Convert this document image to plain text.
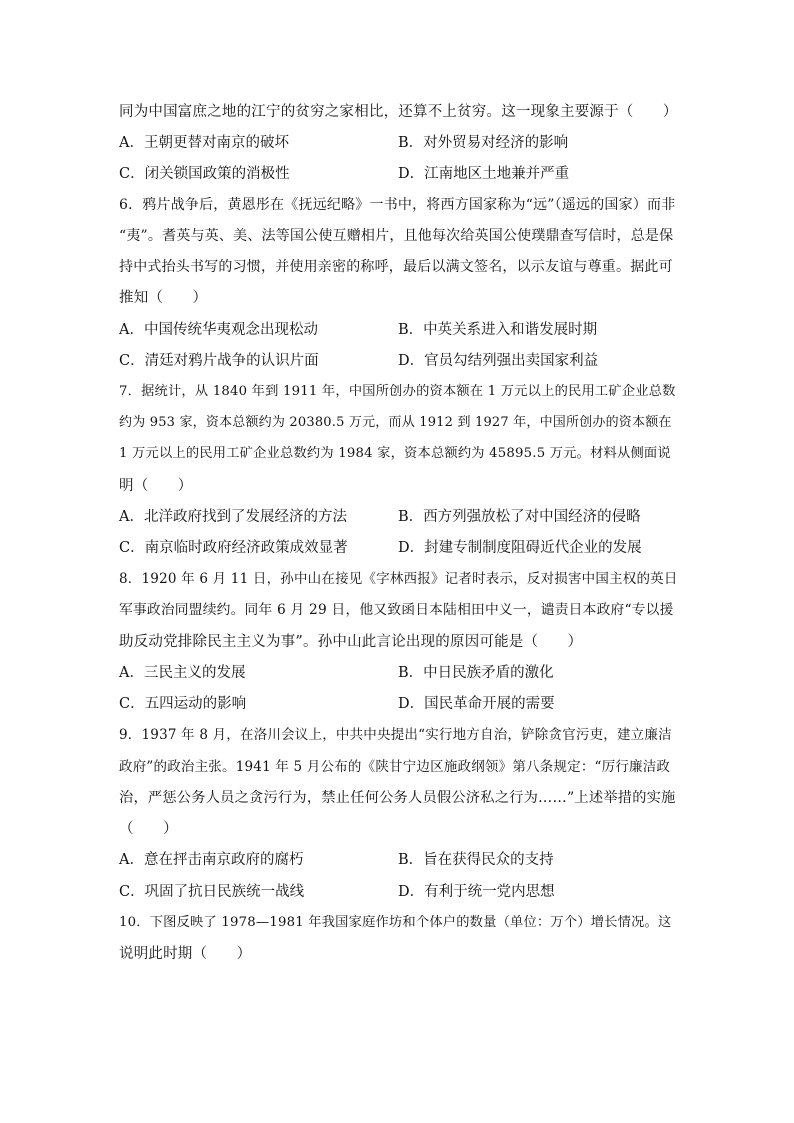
同为中国富庶之地的江宁的贫穷之家相比，还算不上贫穷。这一现象主要源于（　　）
A．王朝更替对南京的破坏	B．对外贸易对经济的影响
C．闭关锁国政策的消极性	D．江南地区土地兼并严重
6．鸦片战争后，黄恩彤在《抚远纪略》一书中，将西方国家称为“远”（遥远的国家）而非
“夷”。耆英与英、美、法等国公使互赠相片，且他每次给英国公使璞鼎查写信时，总是保
持中式抬头书写的习惯，并使用亲密的称呼，最后以满文签名，以示友谊与尊重。据此可
推知（　　）
A．中国传统华夷观念出现松动	B．中英关系进入和谐发展时期
C．清廷对鸦片战争的认识片面	D．官员勾结列强出卖国家利益
7．据统计，从 1840 年到 1911 年，中国所创办的资本额在 1 万元以上的民用工矿企业总数
约为 953 家，资本总额约为 20380.5 万元，而从 1912 到 1927 年，中国所创办的资本额在
1 万元以上的民用工矿企业总数约为 1984 家，资本总额约为 45895.5 万元。材料从侧面说
明（　　）
A．北洋政府找到了发展经济的方法	B．西方列强放松了对中国经济的侵略
C．南京临时政府经济政策成效显著	D．封建专制制度阻碍近代企业的发展
8．1920 年 6 月 11 日，孙中山在接见《字林西报》记者时表示，反对损害中国主权的英日
军事政治同盟续约。同年 6 月 29 日，他又致函日本陆相田中义一，谴责日本政府“专以援
助反动党排除民主主义为事”。孙中山此言论出现的原因可能是（　　）
A．三民主义的发展	B．中日民族矛盾的激化
C．五四运动的影响	D．国民革命开展的需要
9．1937 年 8 月，在洛川会议上，中共中央提出“实行地方自治，铲除贪官污吏，建立廉洁
政府”的政治主张。1941 年 5 月公布的《陕甘宁边区施政纲领》第八条规定：“厉行廉洁政
治，严惩公务人员之贪污行为，禁止任何公务人员假公济私之行为……”上述举措的实施
（　　）
A．意在抨击南京政府的腐朽	B．旨在获得民众的支持
C．巩固了抗日民族统一战线	D．有利于统一党内思想
10．下图反映了 1978—1981 年我国家庭作坊和个体户的数量（单位：万个）增长情况。这
说明此时期（　　）
